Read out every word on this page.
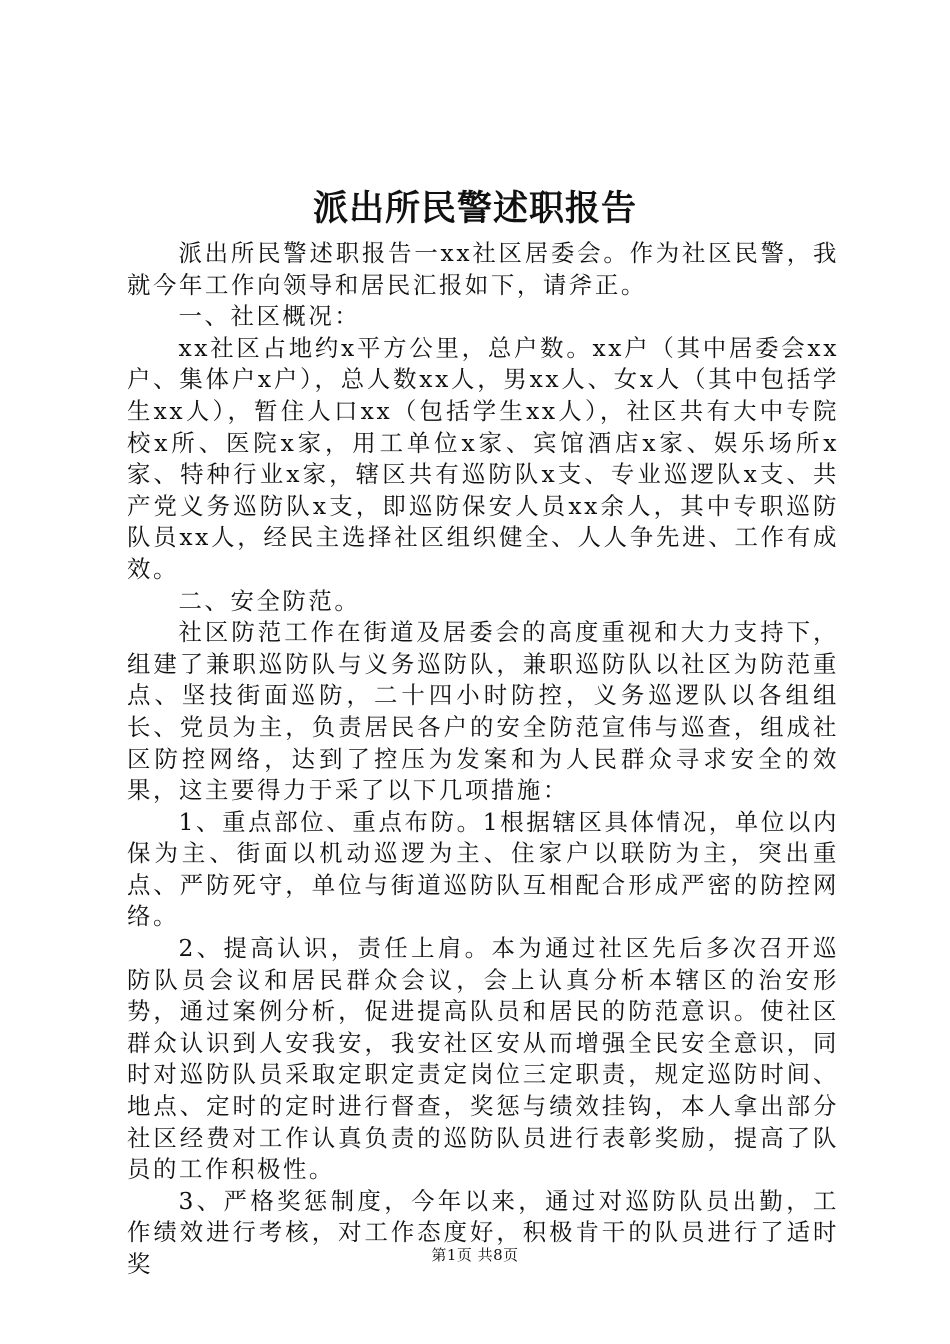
派出所民警述职报告

派出所民警述职报告一xx社区居委会。作为社区民警，我就今年工作向领导和居民汇报如下，请斧正。

一、社区概况：

xx社区占地约x平方公里，总户数。xx户（其中居委会xx户、集体户x户），总人数xx人，男xx人、女x人（其中包括学生xx人），暂住人口xx（包括学生xx人），社区共有大中专院校x所、医院x家，用工单位x家、宾馆酒店x家、娱乐场所x家、特种行业x家，辖区共有巡防队x支、专业巡逻队x支、共产党义务巡防队x支，即巡防保安人员xx余人，其中专职巡防队员xx人，经民主选择社区组织健全、人人争先进、工作有成效。

二、安全防范。

社区防范工作在街道及居委会的高度重视和大力支持下，组建了兼职巡防队与义务巡防队，兼职巡防队以社区为防范重点、坚技街面巡防，二十四小时防控，义务巡逻队以各组组长、党员为主，负责居民各户的安全防范宣伟与巡查，组成社区防控网络，达到了控压为发案和为人民群众寻求安全的效果，这主要得力于采了以下几项措施：

1、重点部位、重点布防。1根据辖区具体情况，单位以内保为主、街面以机动巡逻为主、住家户以联防为主，突出重点、严防死守，单位与街道巡防队互相配合形成严密的防控网络。

2、提高认识，责任上肩。本为通过社区先后多次召开巡防队员会议和居民群众会议，会上认真分析本辖区的治安形势，通过案例分析，促进提高队员和居民的防范意识。使社区群众认识到人安我安，我安社区安从而增强全民安全意识，同时对巡防队员采取定职定责定岗位三定职责，规定巡防时间、地点、定时的定时进行督查，奖惩与绩效挂钩，本人拿出部分社区经费对工作认真负责的巡防队员进行表彰奖励，提高了队员的工作积极性。

3、严格奖惩制度，今年以来，通过对巡防队员出勤，工作绩效进行考核，对工作态度好，积极肯干的队员进行了适时奖	第1页 共8页
